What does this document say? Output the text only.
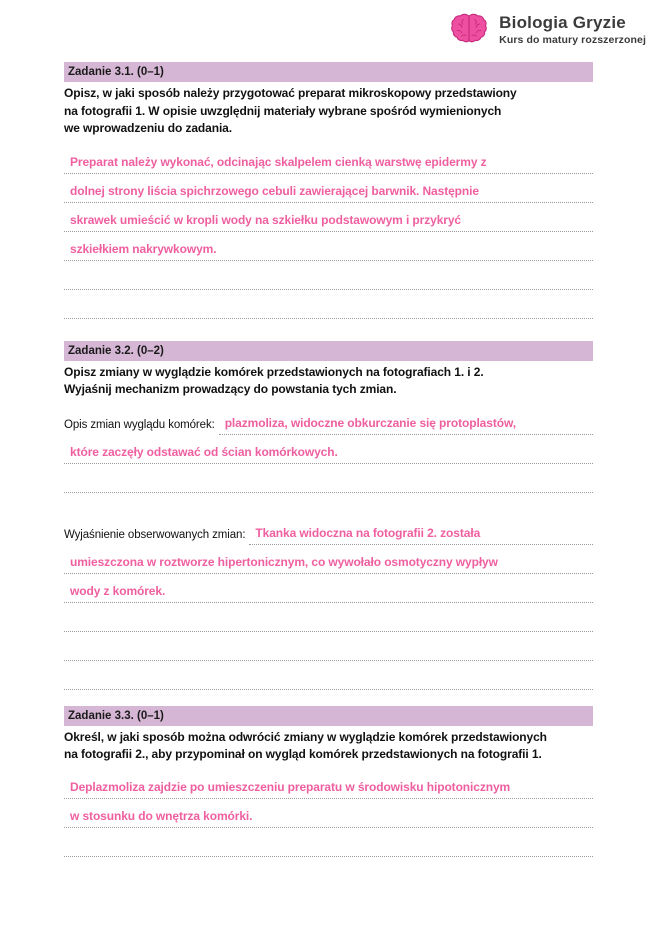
Biologia Gryzie
Kurs do matury rozszerzonej
Zadanie 3.1. (0–1)
Opisz, w jaki sposób należy przygotować preparat mikroskopowy przedstawiony
na fotografii 1. W opisie uwzględnij materiały wybrane spośród wymienionych
we wprowadzeniu do zadania.
Preparat należy wykonać, odcinając skalpelem cienką warstwę epidermy z
dolnej strony liścia spichrzowego cebuli zawierającej barwnik. Następnie
skrawek umieścić w kropli wody na szkiełku podstawowym i przykryć
szkiełkiem nakrywkowym.
Zadanie 3.2. (0–2)
Opisz zmiany w wyglądzie komórek przedstawionych na fotografiach 1. i 2.
Wyjaśnij mechanizm prowadzący do powstania tych zmian.
Opis zmian wyglądu komórek: plazmoliza, widoczne obkurczanie się protoplastów,
które zaczęły odstawać od ścian komórkowych.
Wyjaśnienie obserwowanych zmian: Tkanka widoczna na fotografii 2. została
umieszczona w roztworze hipertonicznym, co wywołało osmotyczny wypływ
wody z komórek.
Zadanie 3.3. (0–1)
Określ, w jaki sposób można odwrócić zmiany w wyglądzie komórek przedstawionych
na fotografii 2., aby przypominał on wygląd komórek przedstawionych na fotografii 1.
Deplazmoliza zajdzie po umieszczeniu preparatu w środowisku hipotonicznym
w stosunku do wnętrza komórki.
